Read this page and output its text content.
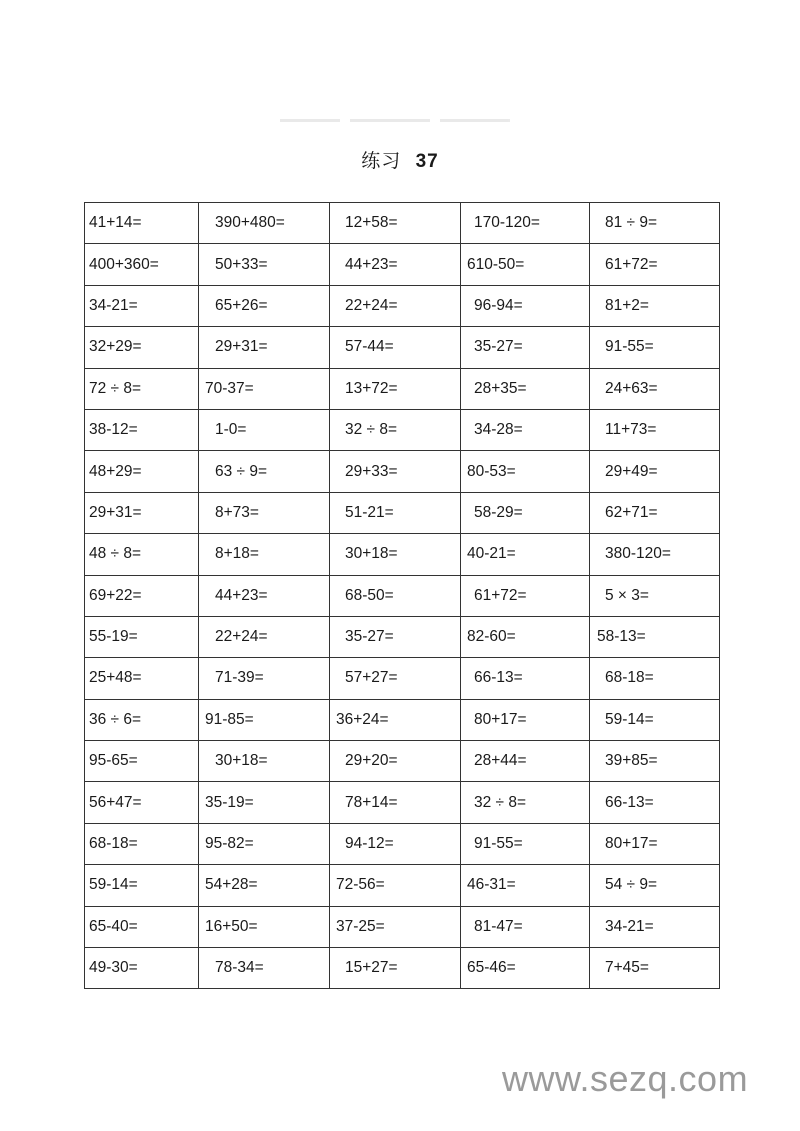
练习 37
41+14=	390+480=	12+58=	170-120=	81 ÷ 9=
400+360=	50+33=	44+23=	610-50=	61+72=
34-21=	65+26=	22+24=	96-94=	81+2=
32+29=	29+31=	57-44=	35-27=	91-55=
72 ÷ 8=	70-37=	13+72=	28+35=	24+63=
38-12=	1-0=	32 ÷ 8=	34-28=	11+73=
48+29=	63 ÷ 9=	29+33=	80-53=	29+49=
29+31=	8+73=	51-21=	58-29=	62+71=
48 ÷ 8=	8+18=	30+18=	40-21=	380-120=
69+22=	44+23=	68-50=	61+72=	5 × 3=
55-19=	22+24=	35-27=	82-60=	58-13=
25+48=	71-39=	57+27=	66-13=	68-18=
36 ÷ 6=	91-85=	36+24=	80+17=	59-14=
95-65=	30+18=	29+20=	28+44=	39+85=
56+47=	35-19=	78+14=	32 ÷ 8=	66-13=
68-18=	95-82=	94-12=	91-55=	80+17=
59-14=	54+28=	72-56=	46-31=	54 ÷ 9=
65-40=	16+50=	37-25=	81-47=	34-21=
49-30=	78-34=	15+27=	65-46=	7+45=
www.sezq.com
